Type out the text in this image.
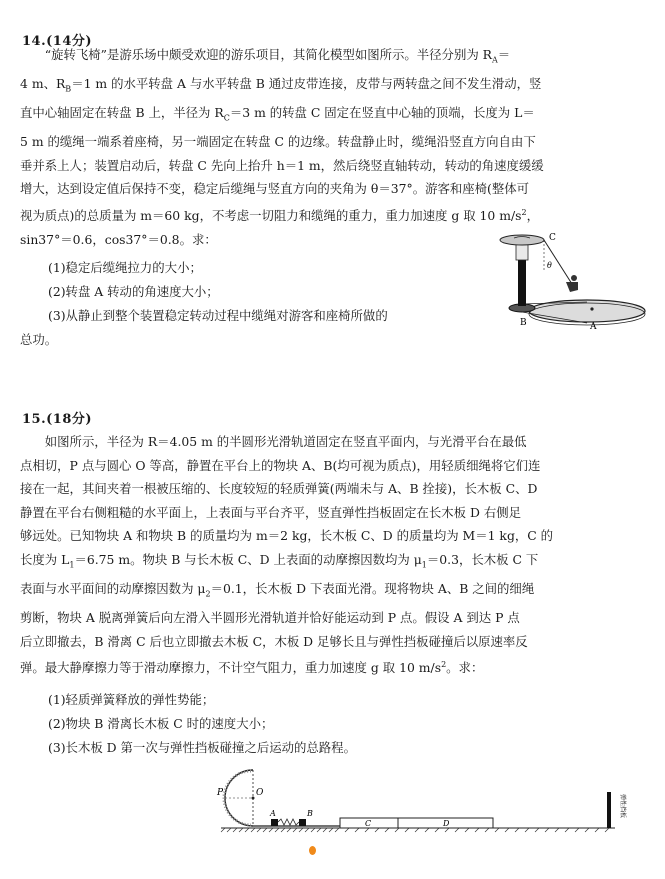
14.(14分)
  “旋转飞椅”是游乐场中颇受欢迎的游乐项目，其简化模型如图所示。半径分别为 $R_A=$
4 m、$R_B=1$ m 的水平转盘 A 与水平转盘 B 通过皮带连接，皮带与两转盘之间不发生滑动，竖
直中心轴固定在转盘 B 上，半径为 $R_C=3$ m 的转盘 C 固定在竖直中心轴的顶端，长度为 L＝
5 m 的缆绳一端系着座椅，另一端固定在转盘 C 的边缘。转盘静止时，缆绳沿竖直方向自由下
垂并系上人；装置启动后，转盘 C 先向上抬升 h＝1 m，然后绕竖直轴转动，转动的角速度缓缓
增大，达到设定值后保持不变，稳定后缆绳与竖直方向的夹角为 θ＝37°。游客和座椅(整体可
视为质点)的总质量为 m＝60 kg，不考虑一切阻力和缆绳的重力，重力加速度 g 取 10 $m/s^2$，
sin37°＝0.6，cos37°＝0.8。求：
(1)稳定后缆绳拉力的大小；
(2)转盘 A 转动的角速度大小；
(3)从静止到整个装置稳定转动过程中缆绳对游客和座椅所做的
总功。
C
θ
B	A
15.(18分)
  如图所示，半径为 R＝4.05 m 的半圆形光滑轨道固定在竖直平面内，与光滑平台在最低
点相切，P 点与圆心 O 等高，静置在平台上的物块 A、B(均可视为质点)，用轻质细绳将它们连
接在一起，其间夹着一根被压缩的、长度较短的轻质弹簧(两端未与 A、B 拴接)，长木板 C、D
静置在平台右侧粗糙的水平面上，上表面与平台齐平，竖直弹性挡板固定在长木板 D 右侧足
够远处。已知物块 A 和物块 B 的质量均为 m＝2 kg，长木板 C、D 的质量均为 M＝1 kg，C 的
长度为 $L_1=6.75$ m。物块 B 与长木板 C、D 上表面的动摩擦因数均为 $\mu_1=0.3$，长木板 C 下
表面与水平面间的动摩擦因数为 $\mu_2=0.1$，长木板 D 下表面光滑。现将物块 A、B 之间的细绳
剪断，物块 A 脱离弹簧后向左滑入半圆形光滑轨道并恰好能运动到 P 点。假设 A 到达 P 点
后立即撤去，B 滑离 C 后也立即撤去木板 C，木板 D 足够长且与弹性挡板碰撞后以原速率反
弹。最大静摩擦力等于滑动摩擦力，不计空气阻力，重力加速度 g 取 10 $m/s^2$。求：
(1)轻质弹簧释放的弹性势能；
(2)物块 B 滑离长木板 C 时的速度大小；
(3)长木板 D 第一次与弹性挡板碰撞之后运动的总路程。
P	O
A	B
C	D
弹性挡板
